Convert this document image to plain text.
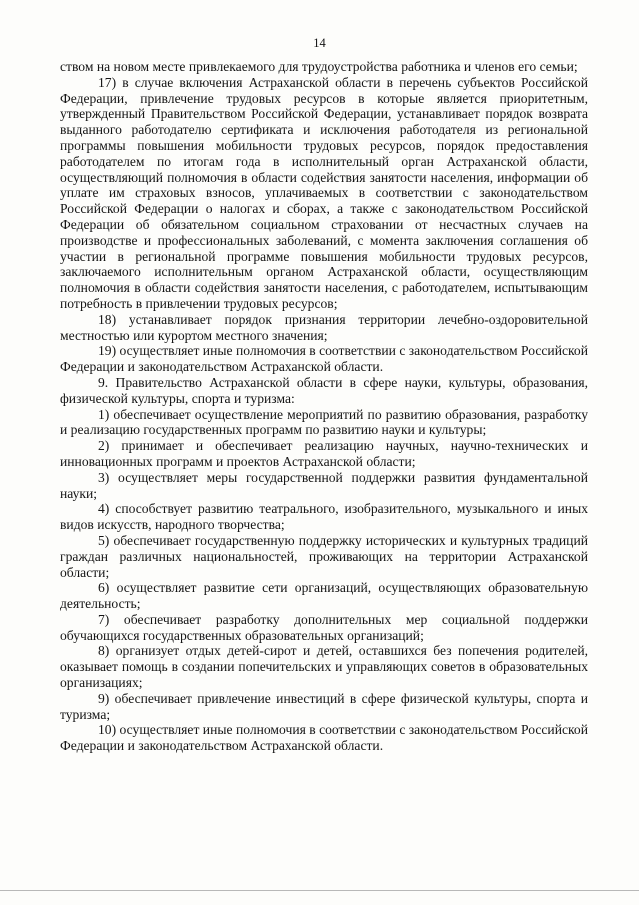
14

ством на новом месте привлекаемого для трудоустройства работника и членов его семьи;

17) в случае включения Астраханской области в перечень субъектов Российской Федерации, привлечение трудовых ресурсов в которые является приоритетным, утвержденный Правительством Российской Федерации, устанавливает порядок возврата выданного работодателю сертификата и исключения работодателя из региональной программы повышения мобильности трудовых ресурсов, порядок предоставления работодателем по итогам года в исполнительный орган Астраханской области, осуществляющий полномочия в области содействия занятости населения, информации об уплате им страховых взносов, уплачиваемых в соответствии с законодательством Российской Федерации о налогах и сборах, а также с законодательством Российской Федерации об обязательном социальном страховании от несчастных случаев на производстве и профессиональных заболеваний, с момента заключения соглашения об участии в региональной программе повышения мобильности трудовых ресурсов, заключаемого исполнительным органом Астраханской области, осуществляющим полномочия в области содействия занятости населения, с работодателем, испытывающим потребность в привлечении трудовых ресурсов;

18) устанавливает порядок признания территории лечебно-оздоровительной местностью или курортом местного значения;

19) осуществляет иные полномочия в соответствии с законодательством Российской Федерации и законодательством Астраханской области.

9. Правительство Астраханской области в сфере науки, культуры, образования, физической культуры, спорта и туризма:

1) обеспечивает осуществление мероприятий по развитию образования, разработку и реализацию государственных программ по развитию науки и культуры;

2) принимает и обеспечивает реализацию научных, научно-технических и инновационных программ и проектов Астраханской области;

3) осуществляет меры государственной поддержки развития фундаментальной науки;

4) способствует развитию театрального, изобразительного, музыкального и иных видов искусств, народного творчества;

5) обеспечивает государственную поддержку исторических и культурных традиций граждан различных национальностей, проживающих на территории Астраханской области;

6) осуществляет развитие сети организаций, осуществляющих образовательную деятельность;

7) обеспечивает разработку дополнительных мер социальной поддержки обучающихся государственных образовательных организаций;

8) организует отдых детей-сирот и детей, оставшихся без попечения родителей, оказывает помощь в создании попечительских и управляющих советов в образовательных организациях;

9) обеспечивает привлечение инвестиций в сфере физической культуры, спорта и туризма;

10) осуществляет иные полномочия в соответствии с законодательством Российской Федерации и законодательством Астраханской области.
